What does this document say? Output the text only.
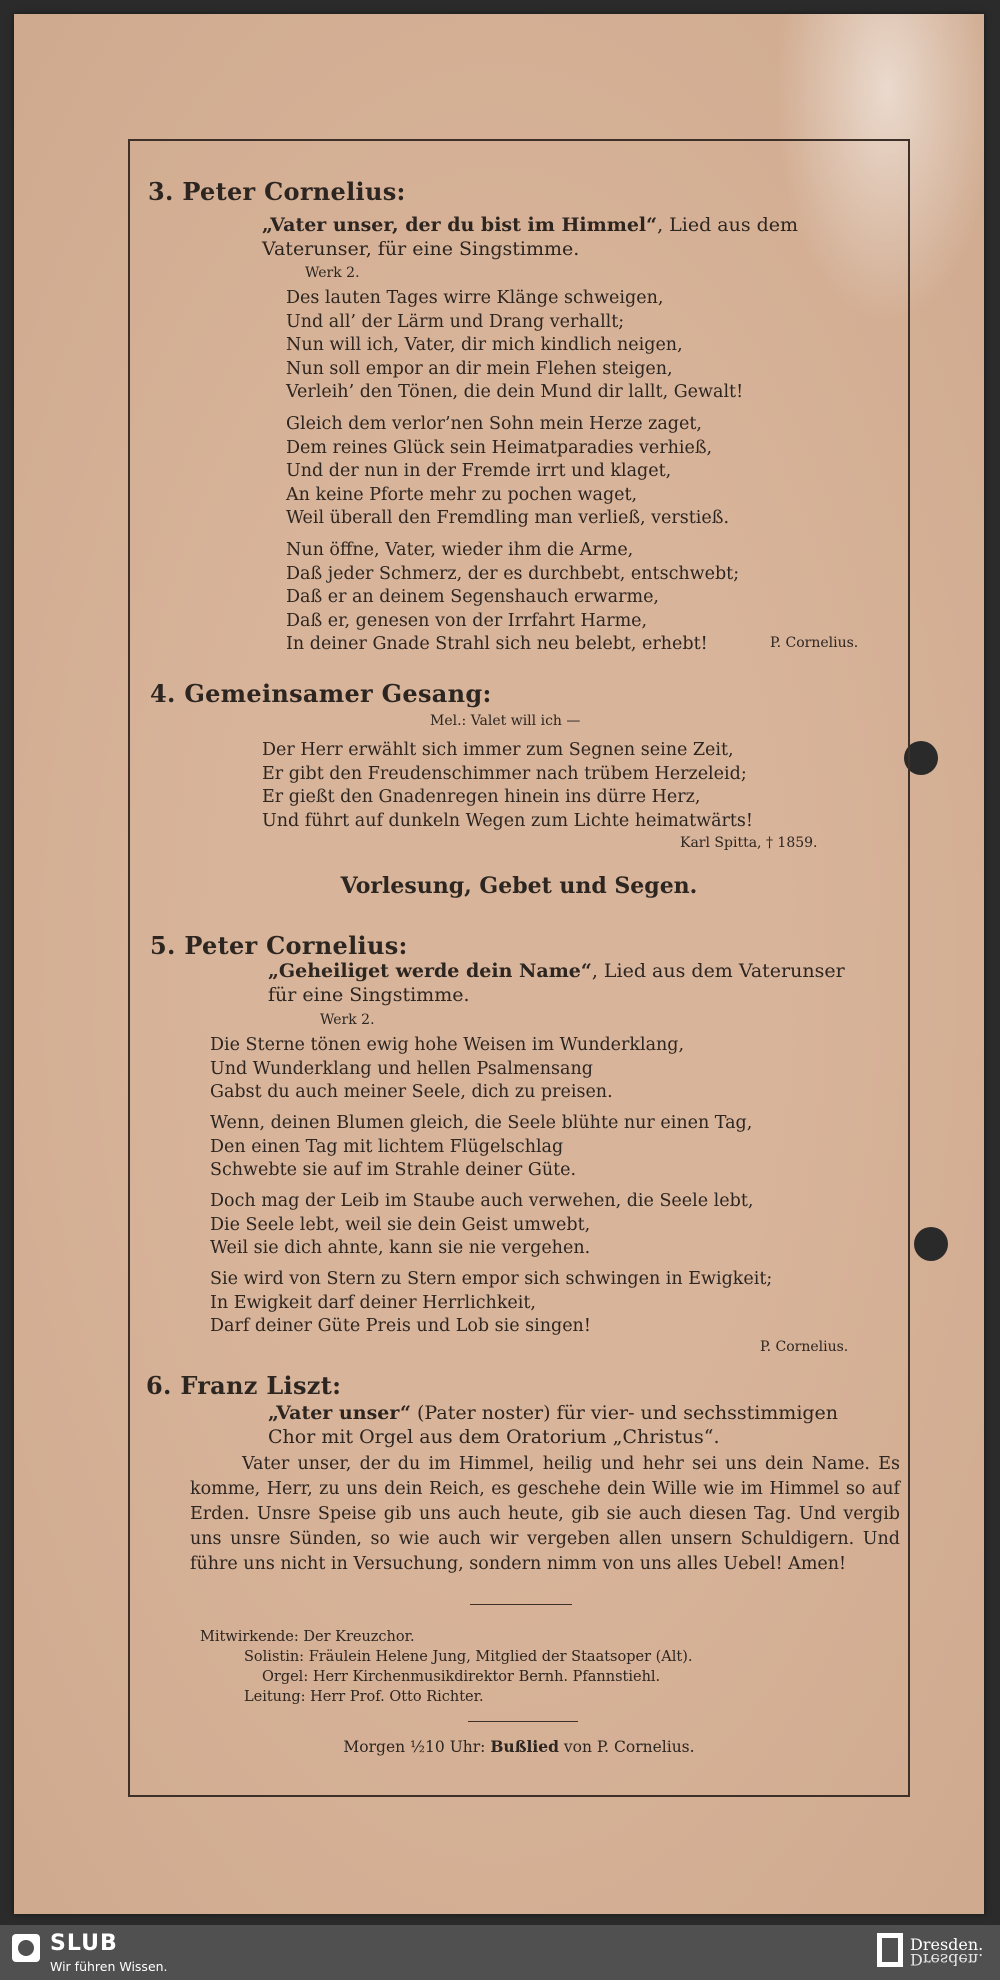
3. Peter Cornelius:
„Vater unser, der du bist im Himmel“, Lied aus dem
Vaterunser, für eine Singstimme.
Werk 2.
Des lauten Tages wirre Klänge schweigen,
Und all’ der Lärm und Drang verhallt;
Nun will ich, Vater, dir mich kindlich neigen,
Nun soll empor an dir mein Flehen steigen,
Verleih’ den Tönen, die dein Mund dir lallt, Gewalt!
Gleich dem verlor’nen Sohn mein Herze zaget,
Dem reines Glück sein Heimatparadies verhieß,
Und der nun in der Fremde irrt und klaget,
An keine Pforte mehr zu pochen waget,
Weil überall den Fremdling man verließ, verstieß.
Nun öffne, Vater, wieder ihm die Arme,
Daß jeder Schmerz, der es durchbebt, entschwebt;
Daß er an deinem Segenshauch erwarme,
Daß er, genesen von der Irrfahrt Harme,
In deiner Gnade Strahl sich neu belebt, erhebt!	P. Cornelius.
4. Gemeinsamer Gesang:
Mel.: Valet will ich —
Der Herr erwählt sich immer zum Segnen seine Zeit,
Er gibt den Freudenschimmer nach trübem Herzeleid;
Er gießt den Gnadenregen hinein ins dürre Herz,
Und führt auf dunkeln Wegen zum Lichte heimatwärts!
Karl Spitta, † 1859.
Vorlesung, Gebet und Segen.
5. Peter Cornelius:
„Geheiliget werde dein Name“, Lied aus dem Vaterunser
für eine Singstimme.
Werk 2.
Die Sterne tönen ewig hohe Weisen im Wunderklang,
Und Wunderklang und hellen Psalmensang
Gabst du auch meiner Seele, dich zu preisen.
Wenn, deinen Blumen gleich, die Seele blühte nur einen Tag,
Den einen Tag mit lichtem Flügelschlag
Schwebte sie auf im Strahle deiner Güte.
Doch mag der Leib im Staube auch verwehen, die Seele lebt,
Die Seele lebt, weil sie dein Geist umwebt,
Weil sie dich ahnte, kann sie nie vergehen.
Sie wird von Stern zu Stern empor sich schwingen in Ewigkeit;
In Ewigkeit darf deiner Herrlichkeit,
Darf deiner Güte Preis und Lob sie singen!
P. Cornelius.
6. Franz Liszt:
„Vater unser“ (Pater noster) für vier- und sechsstimmigen
Chor mit Orgel aus dem Oratorium „Christus“.
Vater unser, der du im Himmel, heilig und hehr sei uns dein Name. Es komme, Herr, zu uns dein Reich, es geschehe dein Wille wie im Himmel so auf Erden. Unsre Speise gib uns auch heute, gib sie auch diesen Tag. Und vergib uns unsre Sünden, so wie auch wir vergeben allen unsern Schuldigern. Und führe uns nicht in Versuchung, sondern nimm von uns alles Uebel! Amen!
Mitwirkende: Der Kreuzchor.
Solistin: Fräulein Helene Jung, Mitglied der Staatsoper (Alt).
Orgel: Herr Kirchenmusikdirektor Bernh. Pfannstiehl.
Leitung: Herr Prof. Otto Richter.
Morgen ½10 Uhr: Bußlied von P. Cornelius.
SLUB
Wir führen Wissen.
Dresden.
Dresden.
